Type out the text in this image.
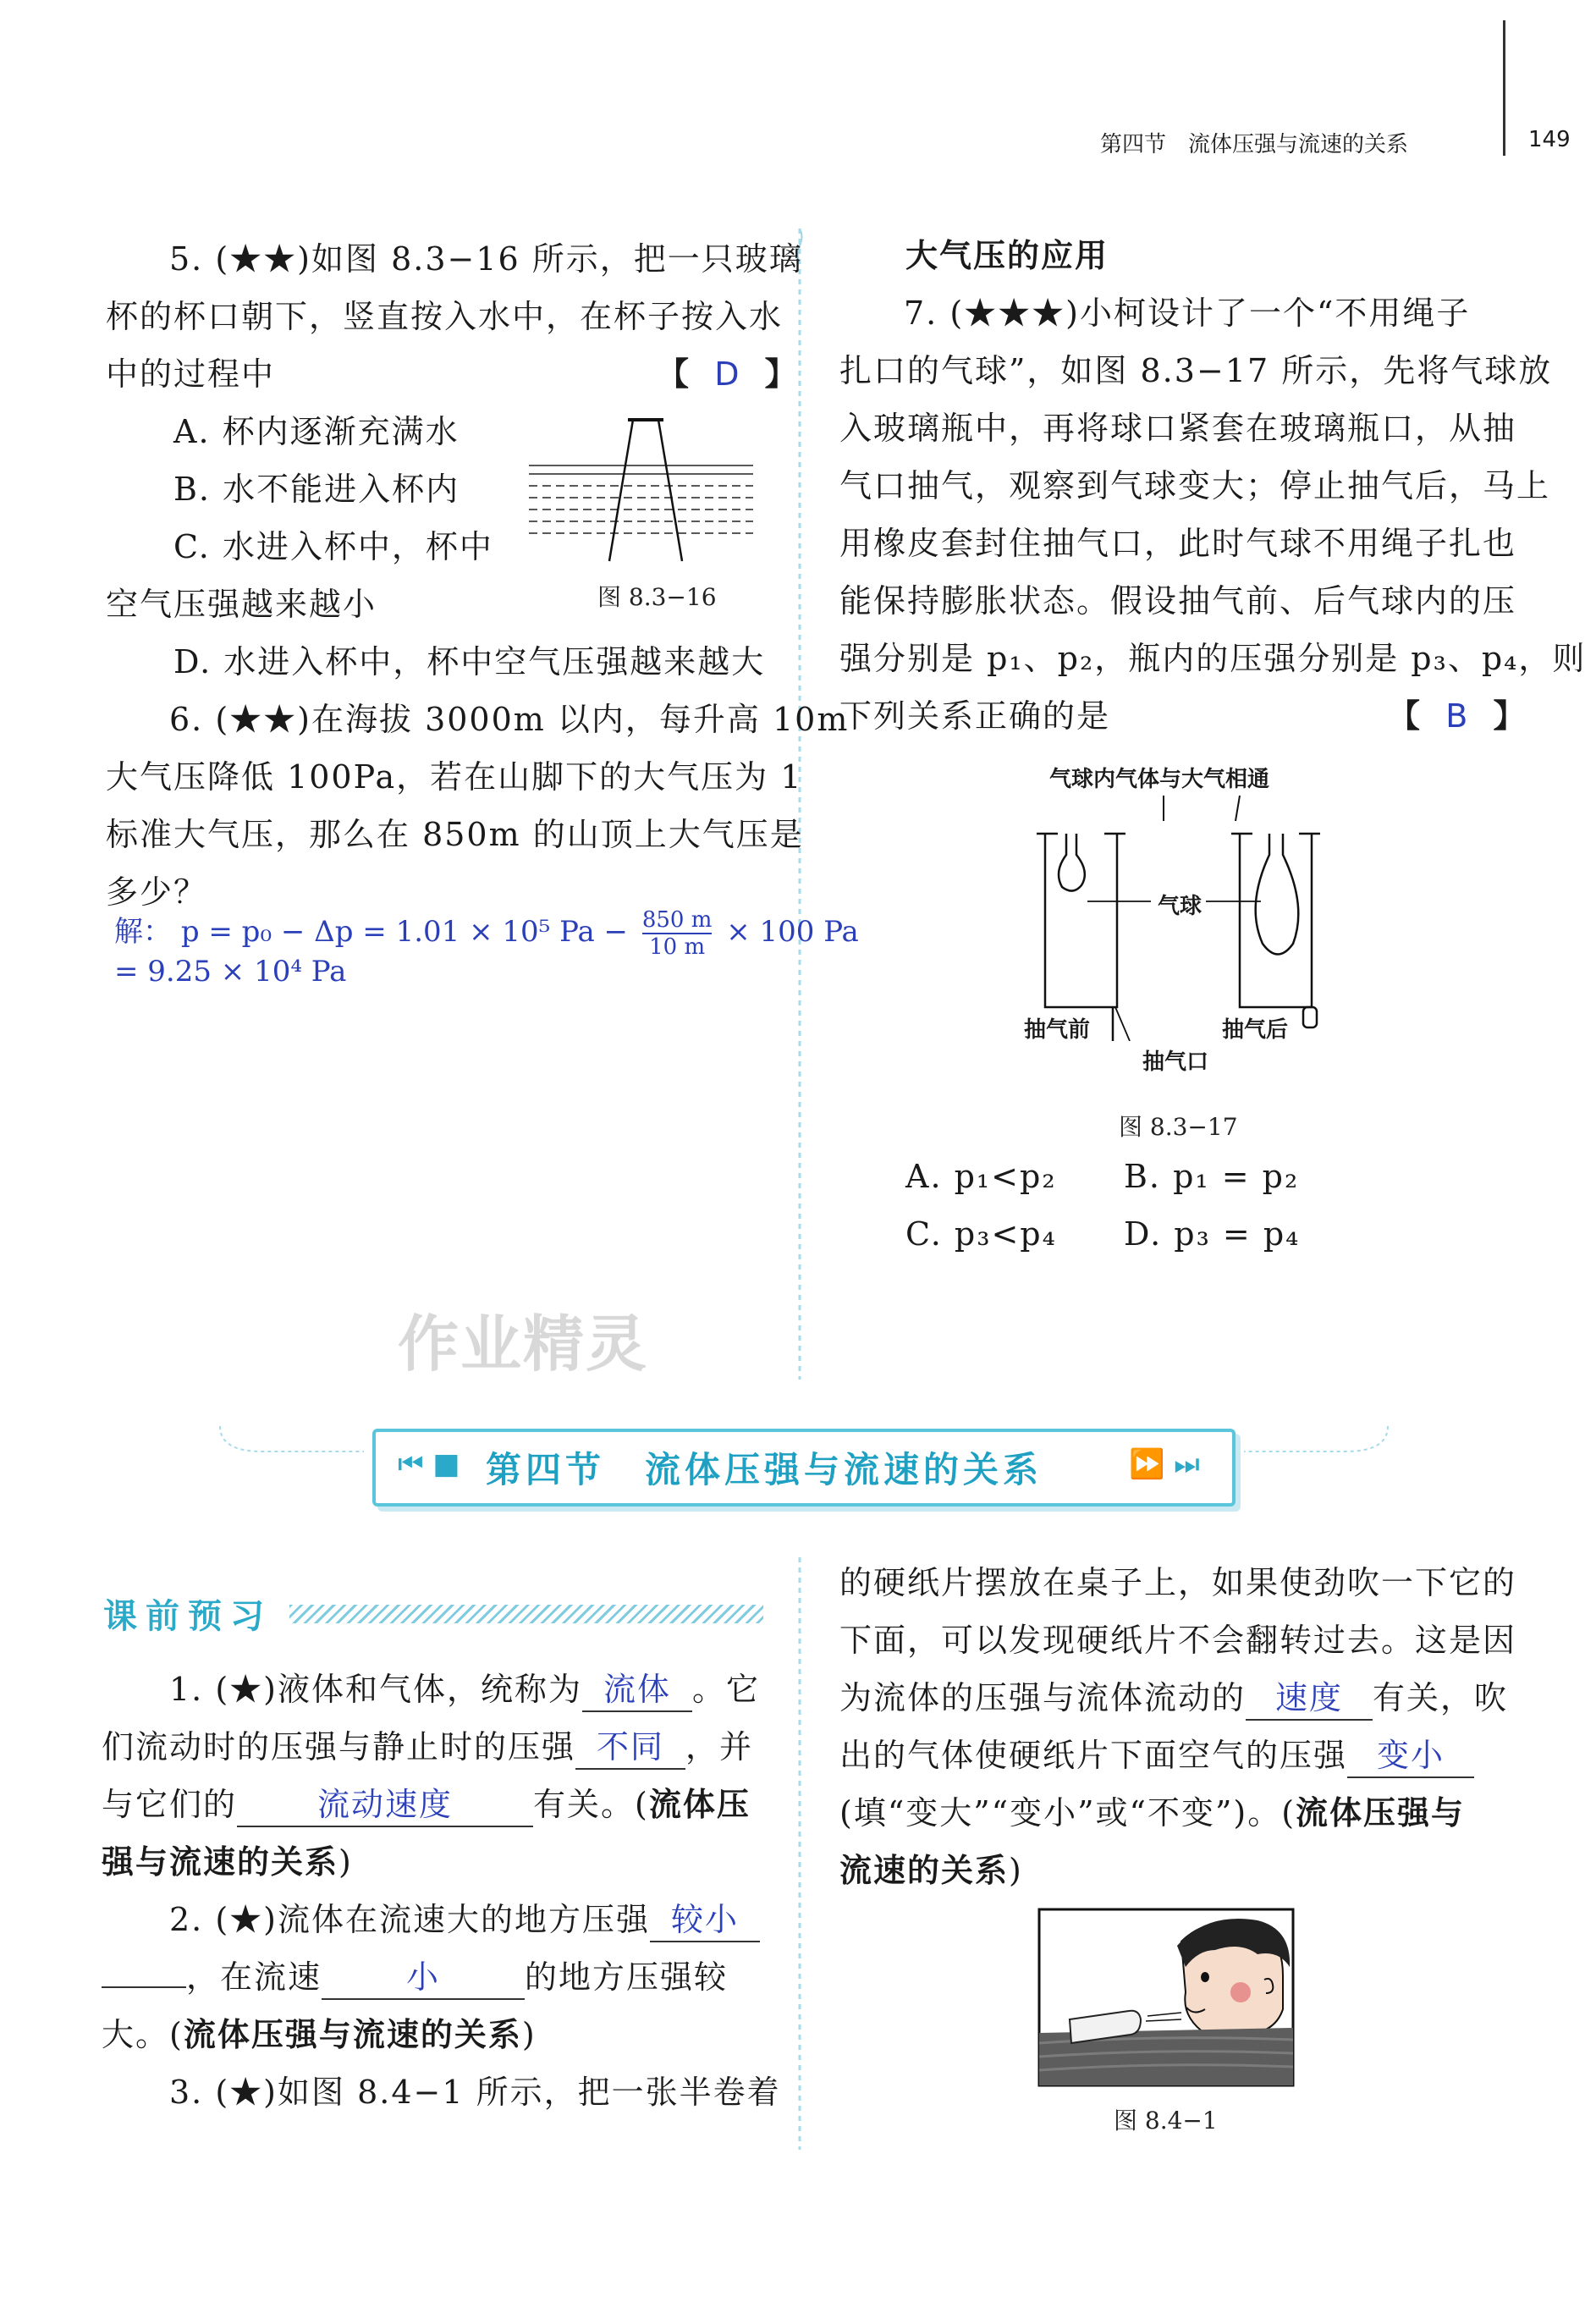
第四节　流体压强与流速的关系	149
5. (★★)如图 8.3−16 所示，把一只玻璃
杯的杯口朝下，竖直按入水中，在杯子按入水
中的过程中	【 D 】
A. 杯内逐渐充满水
B. 水不能进入杯内
C. 水进入杯中，杯中
空气压强越来越小
D. 水进入杯中，杯中空气压强越来越大
图 8.3−16
6. (★★)在海拔 3000m 以内，每升高 10m
大气压降低 100Pa，若在山脚下的大气压为 1
标准大气压，那么在 850m 的山顶上大气压是
多少？
解： p = p₀ − Δp = 1.01 × 10⁵ $Pa - \frac{850 m}{10 m} \times 100$ Pa
= 9.25 × 10⁴ Pa
作业精灵
大气压的应用
7. (★★★)小柯设计了一个“不用绳子
扎口的气球”，如图 8.3−17 所示，先将气球放
入玻璃瓶中，再将球口紧套在玻璃瓶口，从抽
气口抽气，观察到气球变大；停止抽气后，马上
用橡皮套封住抽气口，此时气球不用绳子扎也
能保持膨胀状态。假设抽气前、后气球内的压
强分别是 p₁、p₂，瓶内的压强分别是 p₃、p₄，则
下列关系正确的是	【 B 】
气球内气体与大气相通
气球
抽气前	抽气后
抽气口
图 8.3−17
A. p₁<p₂ B. p₁ = p₂
C. p₃<p₄ D. p₃ = p₄
⏮ ■ 第四节　流体压强与流速的关系	⏩ ⏭
课前预习
1. (★)液体和气体，统称为 流体 。它
们流动时的压强与静止时的压强 不同 ，并
与它们的 流动速度	有关。(流体压
强与流速的关系)
2. (★)流体在流速大的地方压强 较小
，在流速	小	的地方压强较
大。(流体压强与流速的关系)
3. (★)如图 8.4−1 所示，把一张半卷着
的硬纸片摆放在桌子上，如果使劲吹一下它的
下面，可以发现硬纸片不会翻转过去。这是因
为流体的压强与流体流动的 速度 有关，吹
出的气体使硬纸片下面空气的压强 变小
(填“变大”“变小”或“不变”)。(流体压强与
流速的关系)
图 8.4−1
